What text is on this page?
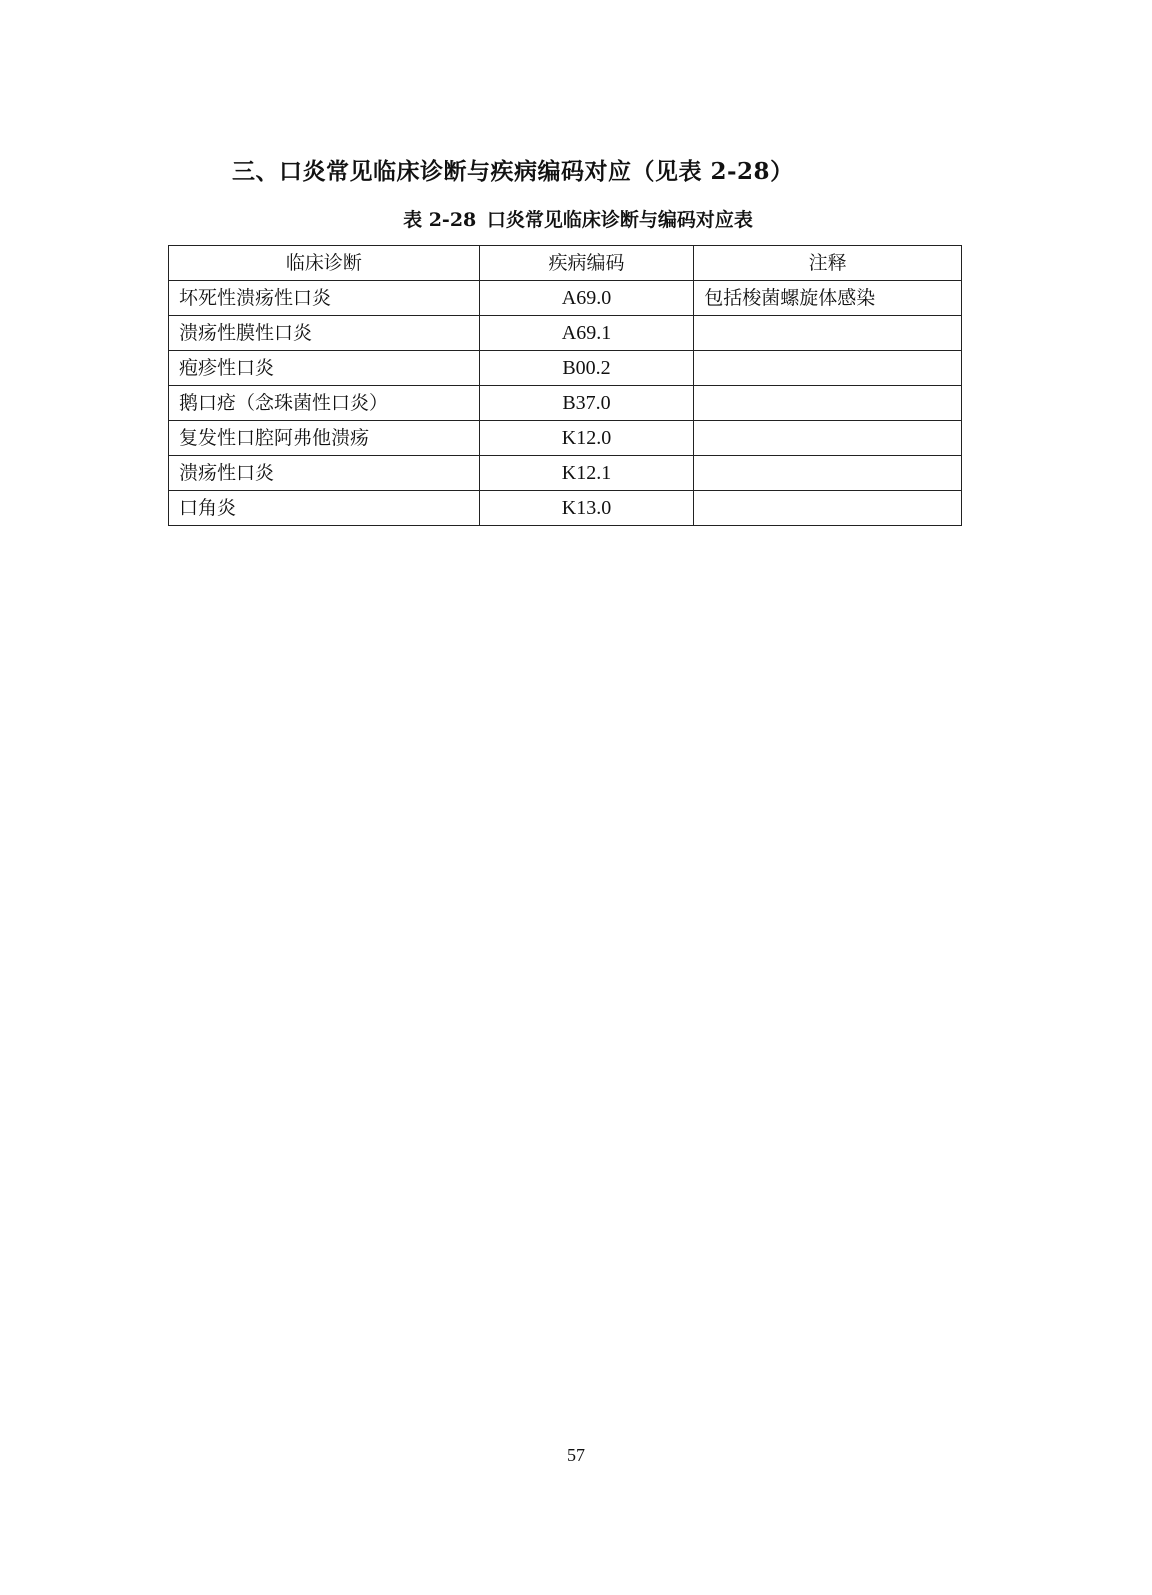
三、口炎常见临床诊断与疾病编码对应（见表 2-28）
表 2-28 口炎常见临床诊断与编码对应表
临床诊断	疾病编码	注释
坏死性溃疡性口炎	A69.0	包括梭菌螺旋体感染
溃疡性膜性口炎	A69.1	
疱疹性口炎	B00.2	
鹅口疮（念珠菌性口炎）	B37.0	
复发性口腔阿弗他溃疡	K12.0	
溃疡性口炎	K12.1	
口角炎	K13.0	
57
